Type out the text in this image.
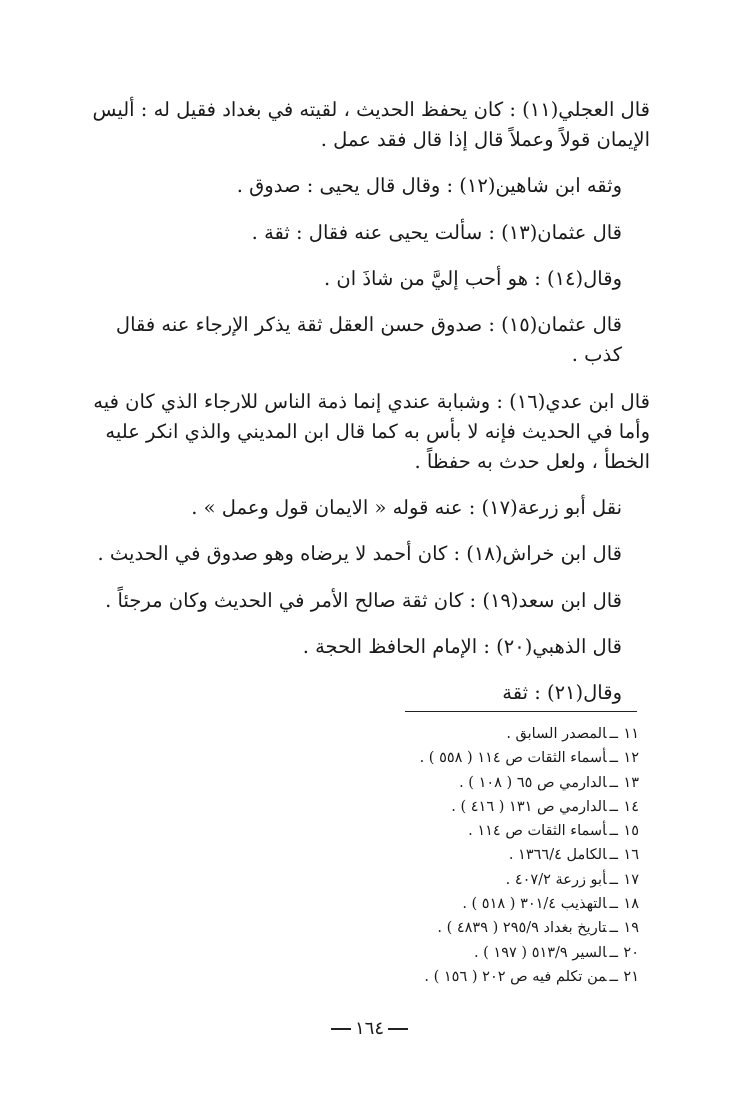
قال العجلي(١١) : كان يحفظ الحديث ، لقيته في بغداد فقيل له : أليس الإيمان قولاً وعملاً قال إذا قال فقد عمل .

وثقه ابن شاهين(١٢) : وقال قال يحيى : صدوق .

قال عثمان(١٣) : سألت يحيى عنه فقال : ثقة .

وقال(١٤) : هو أحب إليَّ من شاذَ ان .

قال عثمان(١٥) : صدوق حسن العقل ثقة يذكر الإرجاء عنه فقال كذب .

قال ابن عدي(١٦) : وشبابة عندي إنما ذمة الناس للارجاء الذي كان فيه وأما في الحديث فإنه لا بأس به كما قال ابن المديني والذي انكر عليه الخطأ ، ولعل حدث به حفظاً .

نقل أبو زرعة(١٧) : عنه قوله « الايمان قول وعمل » .

قال ابن خراش(١٨) : كان أحمد لا يرضاه وهو صدوق في الحديث .

قال ابن سعد(١٩) : كان ثقة صالح الأمر في الحديث وكان مرجئاً .

قال الذهبي(٢٠) : الإمام الحافظ الحجة .

وقال(٢١) : ثقة

١١ــالمصدر السابق .
١٢ــأسماء الثقات ص ١١٤ ( ٥٥٨ ) .
١٣ــالدارمي ص ٦٥ ( ١٠٨ ) .
١٤ــالدارمي ص ١٣١ ( ٤١٦ ) .
١٥ــأسماء الثقات ص ١١٤ .
١٦ــالكامل ١٣٦٦/٤ .
١٧ــأبو زرعة ٤٠٧/٢ .
١٨ــالتهذيب ٣٠١/٤ ( ٥١٨ ) .
١٩ــتاريخ بغداد ٢٩٥/٩ ( ٤٨٣٩ ) .
٢٠ــالسير ٥١٣/٩ ( ١٩٧ ) .
٢١ــمن تكلم فيه ص ٢٠٢ ( ١٥٦ ) .
١٦٤
